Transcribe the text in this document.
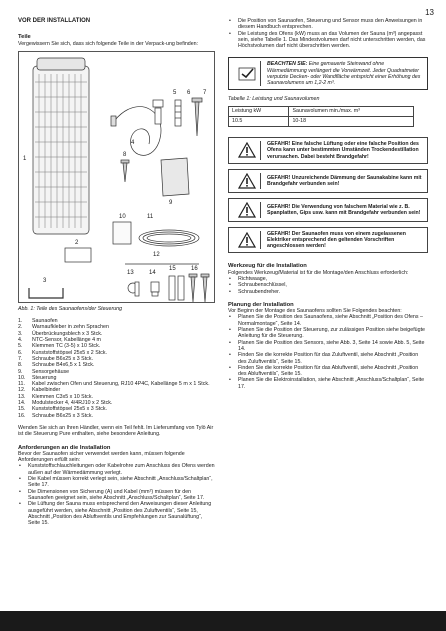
13
VOR DER INSTALLATION
Teile

Vergewissern Sie sich, dass sich folgende Teile in der Verpack-ung befinden:

1
2
3
4
5 6 7
8
9
10	11
12
13	14
15	16
Abb. 1: Teile des Saunaofens/der Steuerung
1.	Saunaofen
2.	Warnaufkleber in zehn Sprachen
3.	Überbrückungsblech x 3 Stck.
4.	NTC-Sensor, Kabellänge 4 m
5.	Klemmen TC (3-5) x 10 Stck.
6.	Kunststoffstöpsel 25x5 x 2 Stck.
7.	Schraube B6x25 x 3 Stck.
8.	Schraube B4x6,5 x 1 Stck.
9.	Sensorgehäuse
10.	Steuerung
11.	Kabel zwischen Ofen und Steuerung, RJ10 4P4C, Kabellänge 5 m x 1 Stck.
12.	Kabelbinder
13.	Klemmen C3x5 x 10 Stck.
14.	Modulstecker 4, 4/4RJ10 x 2 Stck.
15.	Kunststoffstöpsel 25x5 x 3 Stck.
16.	Schraube B6x25 x 3 Stck.

Wenden Sie sich an Ihren Händler, wenn ein Teil fehlt. Im Lieferumfang von Tylö Air ist die Steuerung Pure enthalten, siehe besondere Anleitung.

Anforderungen an die Installation

Bevor der Saunaofen sicher verwendet werden kann, müssen folgende Anforderungen erfüllt sein:

• Kunststoffschlauchleitungen oder Kabelrohre zum Anschluss des Ofens werden außen auf der Wärmedämmung verlegt.
• Die Kabel müssen korrekt verlegt sein, siehe Abschnitt „Anschluss/Schaltplan“, Seite 17.
• Die Dimensionen von Sicherung (A) und Kabel (mm²) müssen für den Saunaofen geeignet sein, siehe Abschnitt „Anschluss/Schaltplan“, Seite 17.
• Die Lüftung der Sauna muss entsprechend den Anweisungen dieser Anleitung ausgeführt werden, siehe Abschnitt „Position des Zuluftventils“, Seite 15, Abschnitt „Position des Abluftventils und Empfehlungen zur Saunalüftung“, Seite 15.
• Die Position von Saunaofen, Steuerung und Sensor muss den Anweisungen in diesem Handbuch entsprechen.
• Die Leistung des Ofens (kW) muss an das Volumen der Sauna (m³) angepasst sein, siehe Tabelle 1. Das Mindestvolumen darf nicht unterschritten werden, das Höchstvolumen darf nicht überschritten werden.
BEACHTEN SIE: Eine gemauerte Steinwand ohne Wärmedämmung verlängert die Vorwärmzeit. Jeder Quadratmeter verputzte Decken- oder Wandfläche entspricht einer Erhöhung des Saunavolumens um 1,2-2 m³.
Tabelle 1: Leistung und Saunavolumen
Leistung kW	Saunavolumen min./max. m³
10.5	10-18
GEFAHR! Eine falsche Lüftung oder eine falsche Position des Ofens kann unter bestimmten Umständen Trockendestillation verursachen. Dabei besteht Brandgefahr!
GEFAHR! Unzureichende Dämmung der Saunakabine kann mit Brandgefahr verbunden sein!
GEFAHR! Die Verwendung von falschem Material wie z. B. Spanplatten, Gips usw. kann mit Brandgefahr verbunden sein!
GEFAHR! Der Saunaofen muss von einem zugelassenen Elektriker entsprechend den geltenden Vorschriften angeschlossen werden!
Werkzeug für die Installation

Folgendes Werkzeug/Material ist für die Montage/den Anschluss erforderlich:

• Richtwaage,
• Schraubenschlüssel,
• Schraubendreher.
Planung der Installation

Vor Beginn der Montage des Saunaofens sollten Sie Folgendes beachten:

• Planen Sie die Position des Saunaofens, siehe Abschnitt „Position des Ofens – Normalmontage“, Seite 14.
• Planen Sie die Position der Steuerung, zur zulässigen Position siehe beigefügte Anleitung für die Steuerung.
• Planen Sie die Position des Sensors, siehe Abb. 3, Seite 14 sowie Abb. 5, Seite 14.
• Finden Sie die korrekte Position für das Zuluftventil, siehe Abschnitt „Position des Zuluftventils“, Seite 15.
• Finden Sie die korrekte Position für das Abluftventil, siehe Abschnitt „Position des Abluftventils“, Seite 15.
• Planen Sie die Elektroinstallation, siehe Abschnitt „Anschluss/Schaltplan“, Seite 17.
